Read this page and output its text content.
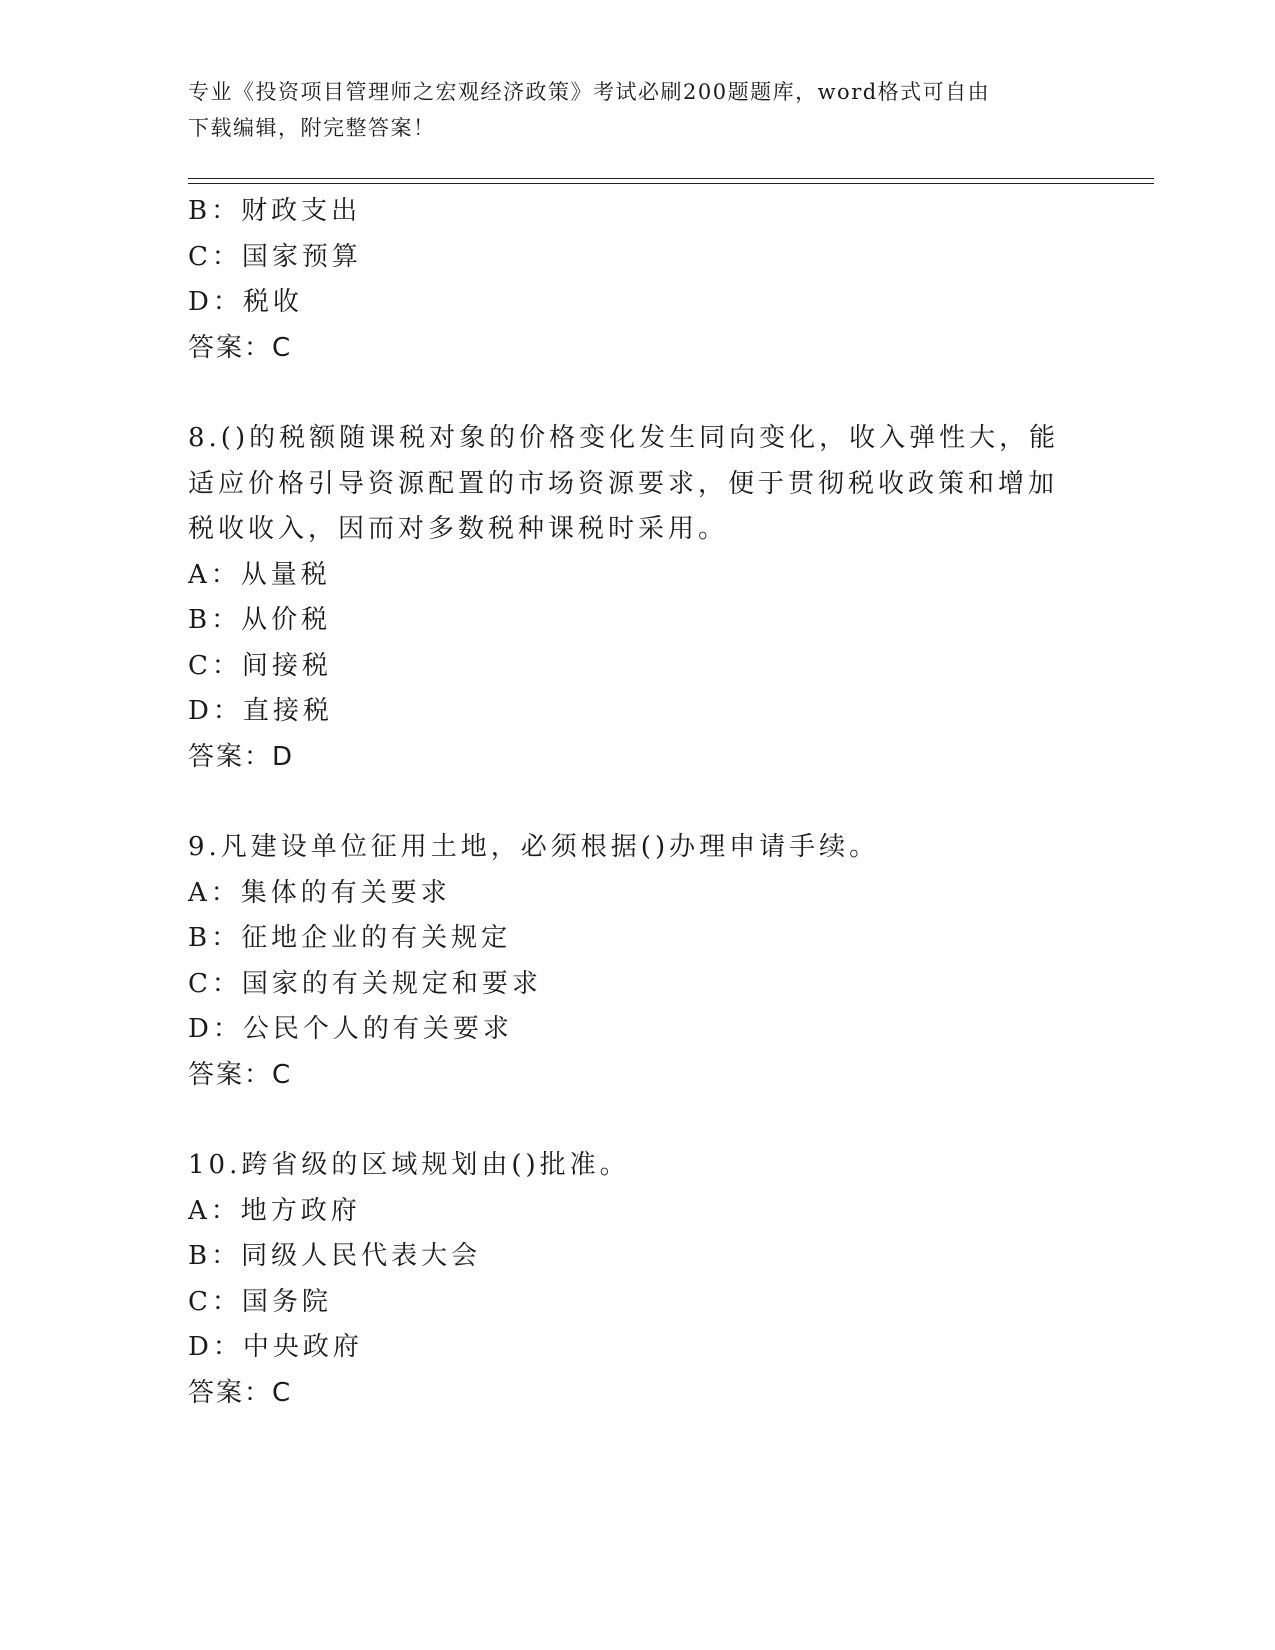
专业《投资项目管理师之宏观经济政策》考试必刷200题题库，word格式可自由
下载编辑，附完整答案！
B：财政支出
C：国家预算
D：税收
答案：C
8.()的税额随课税对象的价格变化发生同向变化，收入弹性大，能适应价格引导资源配置的市场资源要求，便于贯彻税收政策和增加税收收入，因而对多数税种课税时采用。
A：从量税
B：从价税
C：间接税
D：直接税
答案：D
9.凡建设单位征用土地，必须根据()办理申请手续。
A：集体的有关要求
B：征地企业的有关规定
C：国家的有关规定和要求
D：公民个人的有关要求
答案：C
10.跨省级的区域规划由()批准。
A：地方政府
B：同级人民代表大会
C：国务院
D：中央政府
答案：C
